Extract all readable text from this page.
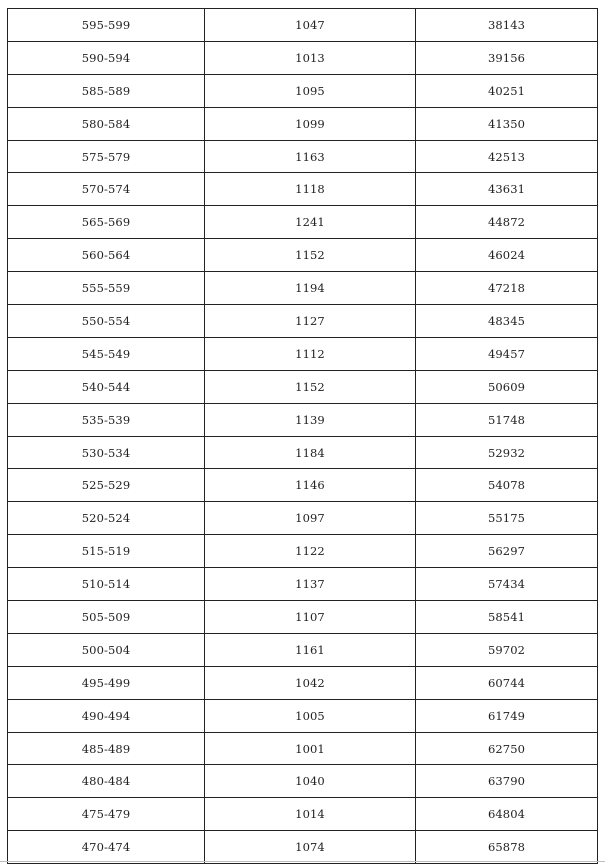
595-599	1047	38143
590-594	1013	39156
585-589	1095	40251
580-584	1099	41350
575-579	1163	42513
570-574	1118	43631
565-569	1241	44872
560-564	1152	46024
555-559	1194	47218
550-554	1127	48345
545-549	1112	49457
540-544	1152	50609
535-539	1139	51748
530-534	1184	52932
525-529	1146	54078
520-524	1097	55175
515-519	1122	56297
510-514	1137	57434
505-509	1107	58541
500-504	1161	59702
495-499	1042	60744
490-494	1005	61749
485-489	1001	62750
480-484	1040	63790
475-479	1014	64804
470-474	1074	65878
